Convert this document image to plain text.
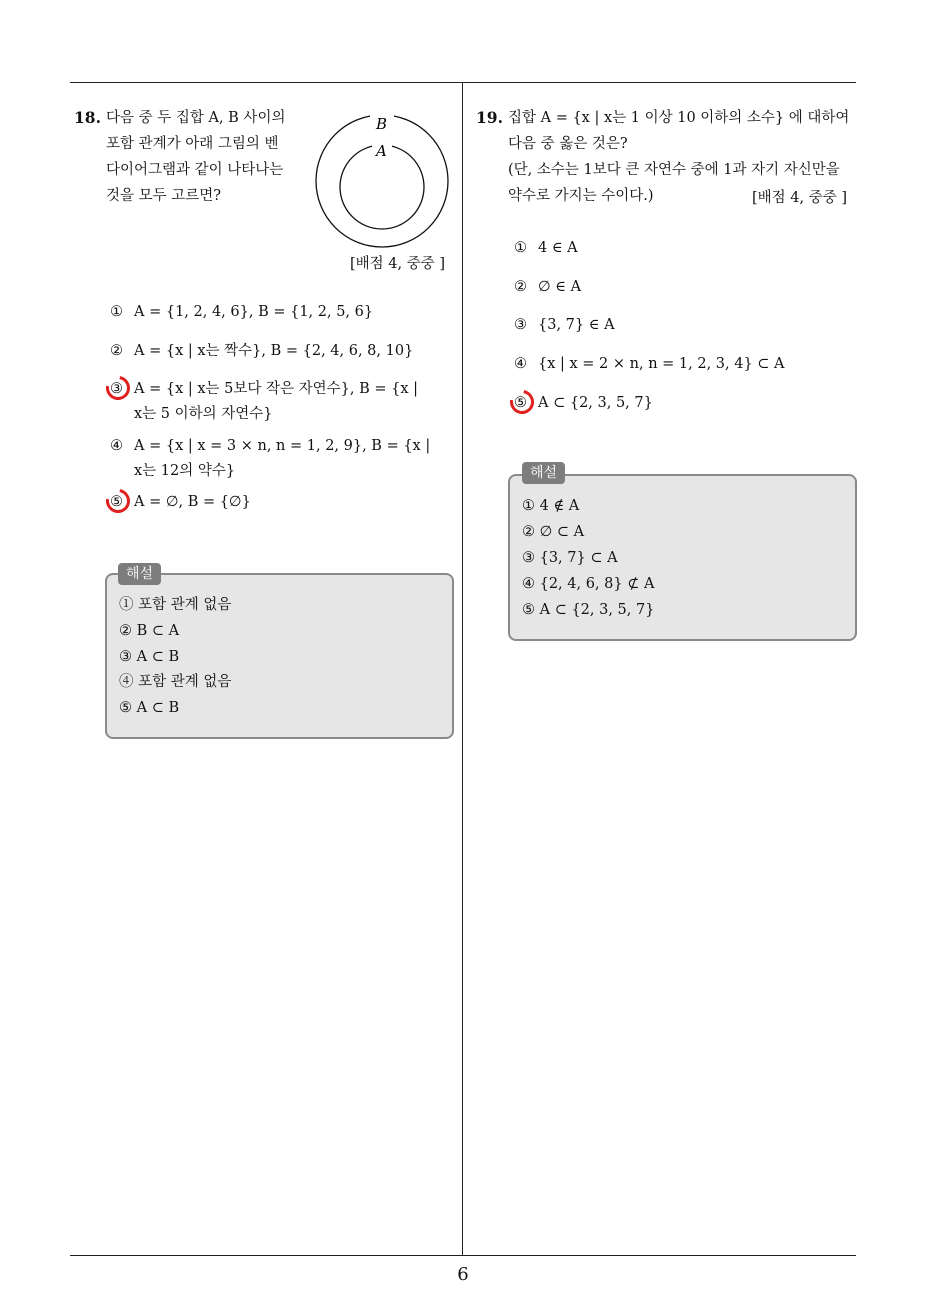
18. 다음 중 두 집합 A, B 사이의
포함 관계가 아래 그림의 벤
다이어그램과 같이 나타나는
것을 모두 고르면?
B
A
[배점 4, 중중 ]
① A = {1, 2, 4, 6}, B = {1, 2, 5, 6}
② A = {x | x는 짝수}, B = {2, 4, 6, 8, 10}
③ A = {x | x는 5보다 작은 자연수}, B = {x |
x는 5 이하의 자연수}
④ A = {x | x = 3 × n, n = 1, 2, 9}, B = {x |
x는 12의 약수}
⑤ A = ∅, B = {∅}
① 포함 관계 없음
② B ⊂ A
③ A ⊂ B
④ 포함 관계 없음
⑤ A ⊂ B
해설
19. 집합 A = {x | x는 1 이상 10 이하의 소수} 에 대하여
다음 중 옳은 것은?
(단, 소수는 1보다 큰 자연수 중에 1과 자기 자신만을
약수로 가지는 수이다.)	[배점 4, 중중 ]
① 4 ∈ A
② ∅ ∈ A
③ {3, 7} ∈ A
④ {x | x = 2 × n, n = 1, 2, 3, 4} ⊂ A
⑤ A ⊂ {2, 3, 5, 7}
① 4 ∉ A
② ∅ ⊂ A
③ {3, 7} ⊂ A
④ {2, 4, 6, 8} ⊄ A
⑤ A ⊂ {2, 3, 5, 7}
해설
6
